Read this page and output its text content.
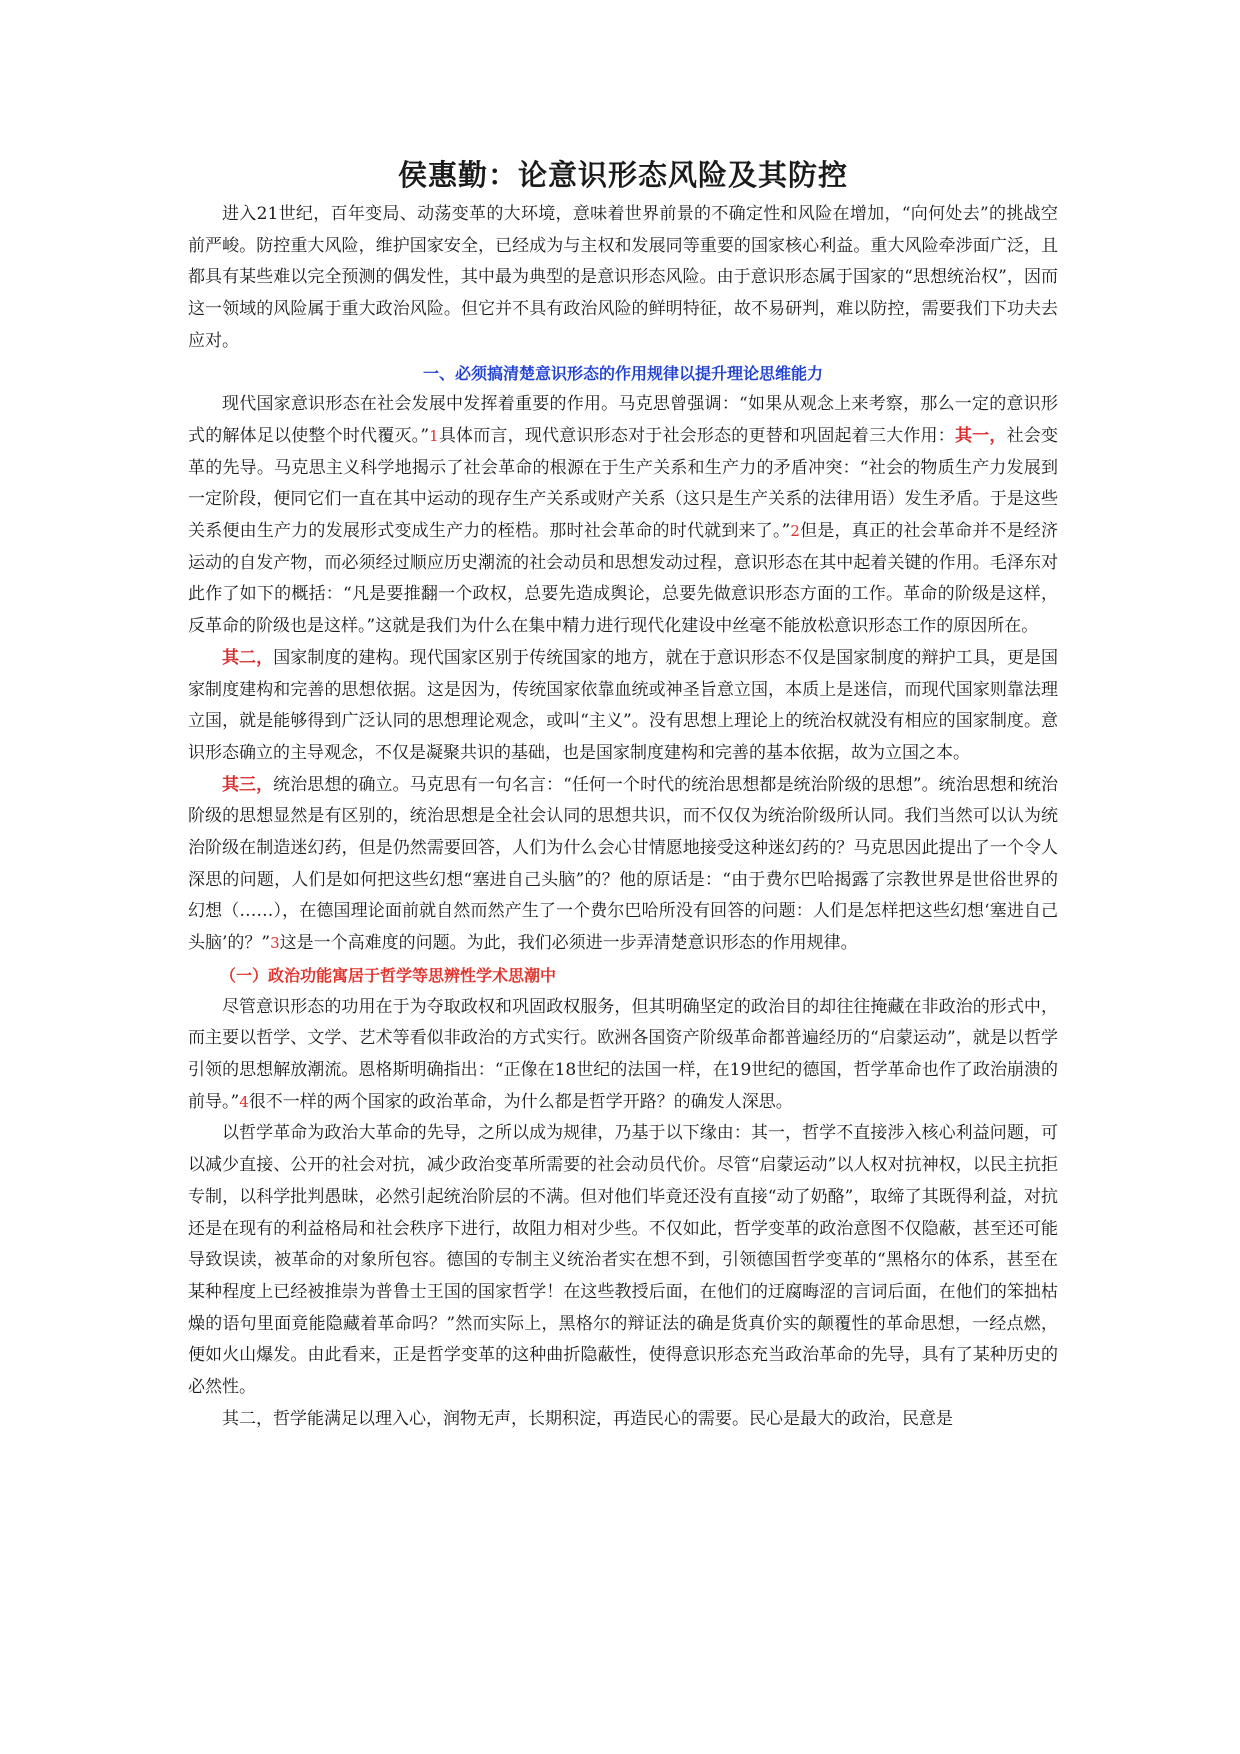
侯惠勤：论意识形态风险及其防控

进入21世纪，百年变局、动荡变革的大环境，意味着世界前景的不确定性和风险在增加，“向何处去”的挑战空前严峻。防控重大风险，维护国家安全，已经成为与主权和发展同等重要的国家核心利益。重大风险牵涉面广泛，且都具有某些难以完全预测的偶发性，其中最为典型的是意识形态风险。由于意识形态属于国家的“思想统治权”，因而这一领域的风险属于重大政治风险。但它并不具有政治风险的鲜明特征，故不易研判，难以防控，需要我们下功夫去应对。

一、必须搞清楚意识形态的作用规律以提升理论思维能力

现代国家意识形态在社会发展中发挥着重要的作用。马克思曾强调：“如果从观念上来考察，那么一定的意识形式的解体足以使整个时代覆灭。”1具体而言，现代意识形态对于社会形态的更替和巩固起着三大作用：其一，社会变革的先导。马克思主义科学地揭示了社会革命的根源在于生产关系和生产力的矛盾冲突：“社会的物质生产力发展到一定阶段，便同它们一直在其中运动的现存生产关系或财产关系（这只是生产关系的法律用语）发生矛盾。于是这些关系便由生产力的发展形式变成生产力的桎梏。那时社会革命的时代就到来了。”2但是，真正的社会革命并不是经济运动的自发产物，而必须经过顺应历史潮流的社会动员和思想发动过程，意识形态在其中起着关键的作用。毛泽东对此作了如下的概括：“凡是要推翻一个政权，总要先造成舆论，总要先做意识形态方面的工作。革命的阶级是这样，反革命的阶级也是这样。”这就是我们为什么在集中精力进行现代化建设中丝毫不能放松意识形态工作的原因所在。

其二，国家制度的建构。现代国家区别于传统国家的地方，就在于意识形态不仅是国家制度的辩护工具，更是国家制度建构和完善的思想依据。这是因为，传统国家依靠血统或神圣旨意立国，本质上是迷信，而现代国家则靠法理立国，就是能够得到广泛认同的思想理论观念，或叫“主义”。没有思想上理论上的统治权就没有相应的国家制度。意识形态确立的主导观念，不仅是凝聚共识的基础，也是国家制度建构和完善的基本依据，故为立国之本。

其三，统治思想的确立。马克思有一句名言：“任何一个时代的统治思想都是统治阶级的思想”。统治思想和统治阶级的思想显然是有区别的，统治思想是全社会认同的思想共识，而不仅仅为统治阶级所认同。我们当然可以认为统治阶级在制造迷幻药，但是仍然需要回答，人们为什么会心甘情愿地接受这种迷幻药的？马克思因此提出了一个令人深思的问题，人们是如何把这些幻想“塞进自己头脑”的？他的原话是：“由于费尔巴哈揭露了宗教世界是世俗世界的幻想（……），在德国理论面前就自然而然产生了一个费尔巴哈所没有回答的问题：人们是怎样把这些幻想‘塞进自己头脑’的？”3这是一个高难度的问题。为此，我们必须进一步弄清楚意识形态的作用规律。

（一）政治功能寓居于哲学等思辨性学术思潮中

尽管意识形态的功用在于为夺取政权和巩固政权服务，但其明确坚定的政治目的却往往掩藏在非政治的形式中，而主要以哲学、文学、艺术等看似非政治的方式实行。欧洲各国资产阶级革命都普遍经历的“启蒙运动”，就是以哲学引领的思想解放潮流。恩格斯明确指出：“正像在18世纪的法国一样，在19世纪的德国，哲学革命也作了政治崩溃的前导。”4很不一样的两个国家的政治革命，为什么都是哲学开路？的确发人深思。

以哲学革命为政治大革命的先导，之所以成为规律，乃基于以下缘由：其一，哲学不直接涉入核心利益问题，可以减少直接、公开的社会对抗，减少政治变革所需要的社会动员代价。尽管“启蒙运动”以人权对抗神权，以民主抗拒专制，以科学批判愚昧，必然引起统治阶层的不满。但对他们毕竟还没有直接“动了奶酪”，取缔了其既得利益，对抗还是在现有的利益格局和社会秩序下进行，故阻力相对少些。不仅如此，哲学变革的政治意图不仅隐蔽，甚至还可能导致误读，被革命的对象所包容。德国的专制主义统治者实在想不到，引领德国哲学变革的“黑格尔的体系，甚至在某种程度上已经被推崇为普鲁士王国的国家哲学！在这些教授后面，在他们的迂腐晦涩的言词后面，在他们的笨拙枯燥的语句里面竟能隐藏着革命吗？”然而实际上，黑格尔的辩证法的确是货真价实的颠覆性的革命思想，一经点燃，便如火山爆发。由此看来，正是哲学变革的这种曲折隐蔽性，使得意识形态充当政治革命的先导，具有了某种历史的必然性。

其二，哲学能满足以理入心，润物无声，长期积淀，再造民心的需要。民心是最大的政治，民意是
